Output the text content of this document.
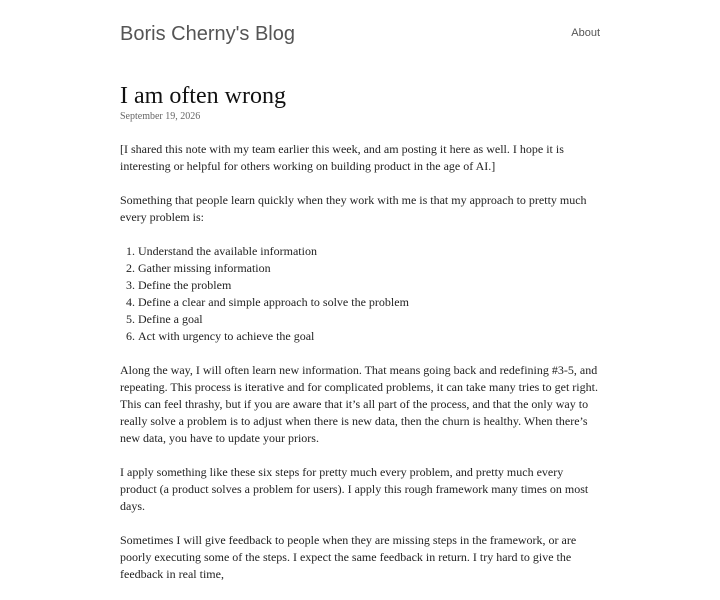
Boris Cherny's Blog	About
I am often wrong

September 19, 2026

[I shared this note with my team earlier this week, and am posting it here as well. I hope it is interesting or helpful for others working on building product in the age of AI.]

Something that people learn quickly when they work with me is that my approach to pretty much every problem is:

1. Understand the available information
2. Gather missing information
3. Define the problem
4. Define a clear and simple approach to solve the problem
5. Define a goal
6. Act with urgency to achieve the goal

Along the way, I will often learn new information. That means going back and redefining #3-5, and repeating. This process is iterative and for complicated problems, it can take many tries to get right. This can feel thrashy, but if you are aware that it’s all part of the process, and that the only way to really solve a problem is to adjust when there is new data, then the churn is healthy. When there’s new data, you have to update your priors.

I apply something like these six steps for pretty much every problem, and pretty much every product (a product solves a problem for users). I apply this rough framework many times on most days.

Sometimes I will give feedback to people when they are missing steps in the framework, or are poorly executing some of the steps. I expect the same feedback in return. I try hard to give the feedback in real time,
